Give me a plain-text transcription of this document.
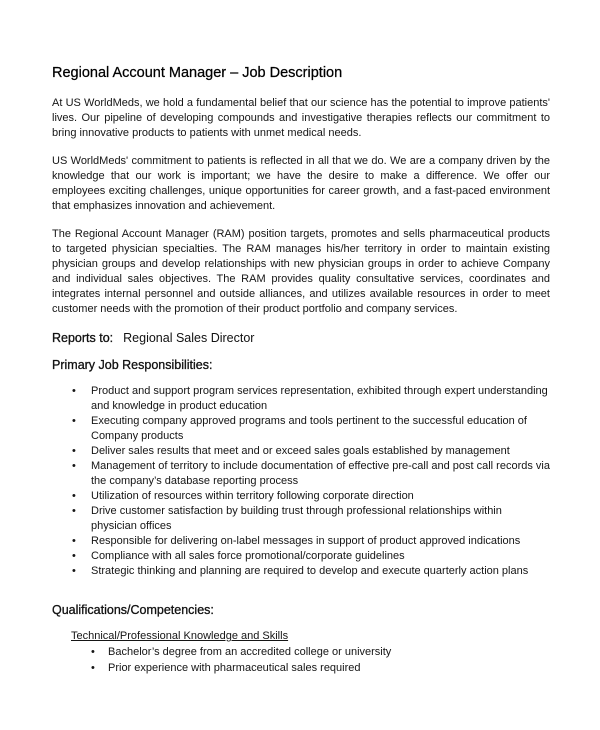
Regional Account Manager – Job Description

At US WorldMeds, we hold a fundamental belief that our science has the potential to improve patients' lives. Our pipeline of developing compounds and investigative therapies reflects our commitment to bring innovative products to patients with unmet medical needs.

US WorldMeds' commitment to patients is reflected in all that we do. We are a company driven by the knowledge that our work is important; we have the desire to make a difference. We offer our employees exciting challenges, unique opportunities for career growth, and a fast-paced environment that emphasizes innovation and achievement.

The Regional Account Manager (RAM) position targets, promotes and sells pharmaceutical products to targeted physician specialties. The RAM manages his/her territory in order to maintain existing physician groups and develop relationships with new physician groups in order to achieve Company and individual sales objectives. The RAM provides quality consultative services, coordinates and integrates internal personnel and outside alliances, and utilizes available resources in order to meet customer needs with the promotion of their product portfolio and company services.

Reports to: Regional Sales Director
Primary Job Responsibilities:
• Product and support program services representation, exhibited through expert understanding and knowledge in product education
• Executing company approved programs and tools pertinent to the successful education of Company products
• Deliver sales results that meet and or exceed sales goals established by management
• Management of territory to include documentation of effective pre-call and post call records via the company’s database reporting process
• Utilization of resources within territory following corporate direction
• Drive customer satisfaction by building trust through professional relationships within physician offices
• Responsible for delivering on-label messages in support of product approved indications
• Compliance with all sales force promotional/corporate guidelines
• Strategic thinking and planning are required to develop and execute quarterly action plans
Qualifications/Competencies:
Technical/Professional Knowledge and Skills
• Bachelor’s degree from an accredited college or university
• Prior experience with pharmaceutical sales required
